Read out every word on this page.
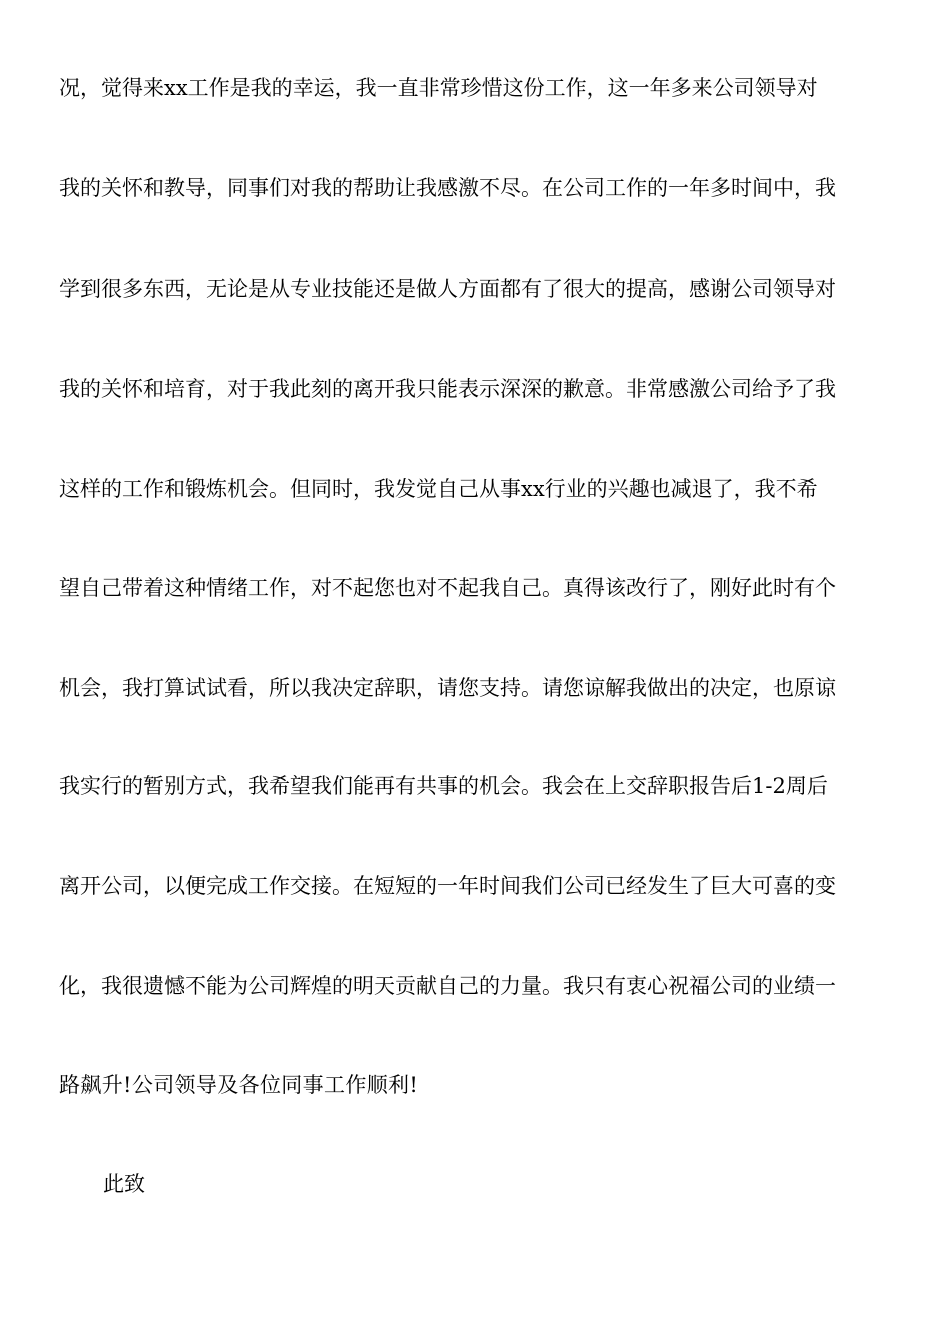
况，觉得来xx工作是我的幸运，我一直非常珍惜这份工作，这一年多来公司领导对
我的关怀和教导，同事们对我的帮助让我感激不尽。在公司工作的一年多时间中，我
学到很多东西，无论是从专业技能还是做人方面都有了很大的提高，感谢公司领导对
我的关怀和培育，对于我此刻的离开我只能表示深深的歉意。非常感激公司给予了我
这样的工作和锻炼机会。但同时，我发觉自己从事xx行业的兴趣也减退了，我不希
望自己带着这种情绪工作，对不起您也对不起我自己。真得该改行了，刚好此时有个
机会，我打算试试看，所以我决定辞职，请您支持。请您谅解我做出的决定，也原谅
我实行的暂别方式，我希望我们能再有共事的机会。我会在上交辞职报告后1-2周后
离开公司，以便完成工作交接。在短短的一年时间我们公司已经发生了巨大可喜的变
化，我很遗憾不能为公司辉煌的明天贡献自己的力量。我只有衷心祝福公司的业绩一
路飙升!公司领导及各位同事工作顺利!
此致
